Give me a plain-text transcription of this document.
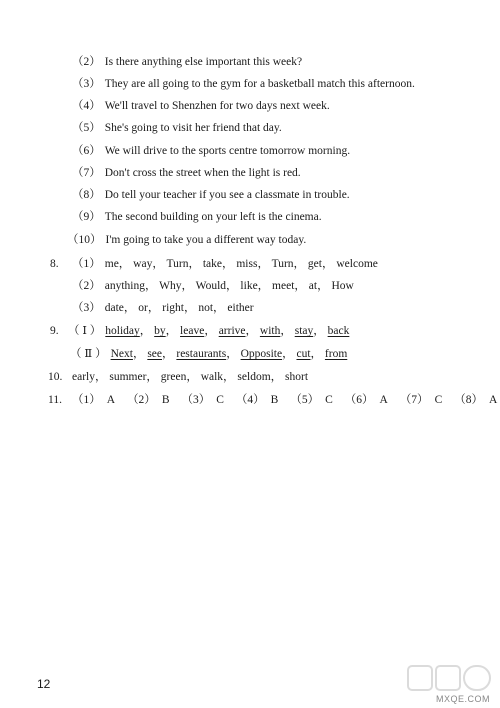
（2） Is there anything else important this week?
（3） They are all going to the gym for a basketball match this afternoon.
（4） We'll travel to Shenzhen for two days next week.
（5） She's going to visit her friend that day.
（6） We will drive to the sports centre tomorrow morning.
（7） Don't cross the street when the light is red.
（8） Do tell your teacher if you see a classmate in trouble.
（9） The second building on your left is the cinema.
（10） I'm going to take you a different way today.
8. （1） me， way， Turn， take， miss， Turn， get， welcome
（2） anything， Why， Would， like， meet， at， How
（3） date， or， right， not， either
9. （ Ⅰ ） holiday， by， leave， arrive， with， stay， back
（ Ⅱ ） Next， see， restaurants， Opposite， cut， from
10. early， summer， green， walk， seldom， short
11. （1） A （2） B （3） C （4） B （5） C （6） A （7） C （8） A
12
MXQE.COM
